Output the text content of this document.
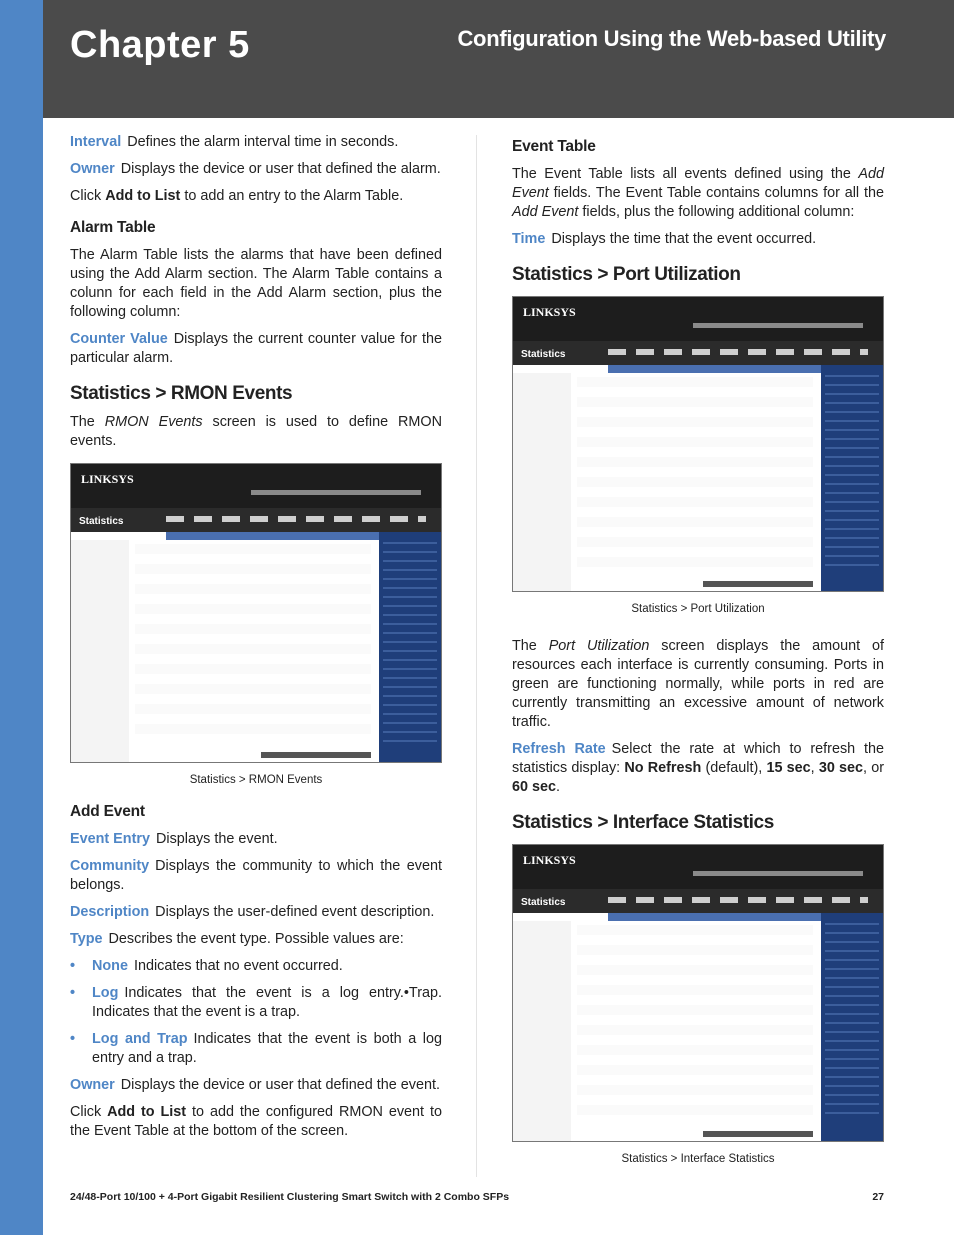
Chapter 5	Configuration Using the Web-based Utility
Interval Defines the alarm interval time in seconds.
Owner Displays the device or user that defined the alarm.
Click Add to List to add an entry to the Alarm Table.
Alarm Table
The Alarm Table lists the alarms that have been defined using the Add Alarm section. The Alarm Table contains a colunn for each field in the Add Alarm section, plus the following column:
Counter Value Displays the current counter value for the particular alarm.
Statistics > RMON Events
The RMON Events screen is used to define RMON events.
LINKSYS
Statistics
Statistics > RMON Events
Add Event
Event Entry Displays the event.
Community Displays the community to which the event belongs.
Description Displays the user-defined event description.
Type Describes the event type. Possible values are:
• None Indicates that no event occurred.
• Log Indicates that the event is a log entry.•Trap. Indicates that the event is a trap.
• Log and Trap Indicates that the event is both a log entry and a trap.
Owner Displays the device or user that defined the event.
Click Add to List to add the configured RMON event to the Event Table at the bottom of the screen.
Event Table
The Event Table lists all events defined using the Add Event fields. The Event Table contains columns for all the Add Event fields, plus the following additional column:
Time Displays the time that the event occurred.
Statistics > Port Utilization
LINKSYS
Statistics
Statistics > Port Utilization
The Port Utilization screen displays the amount of resources each interface is currently consuming. Ports in green are functioning normally, while ports in red are currently transmitting an excessive amount of network traffic.
Refresh Rate Select the rate at which to refresh the statistics display: No Refresh (default), 15 sec, 30 sec, or 60 sec.
Statistics > Interface Statistics
LINKSYS
Statistics
Statistics > Interface Statistics
24/48-Port 10/100 + 4-Port Gigabit Resilient Clustering Smart Switch with 2 Combo SFPs	27
